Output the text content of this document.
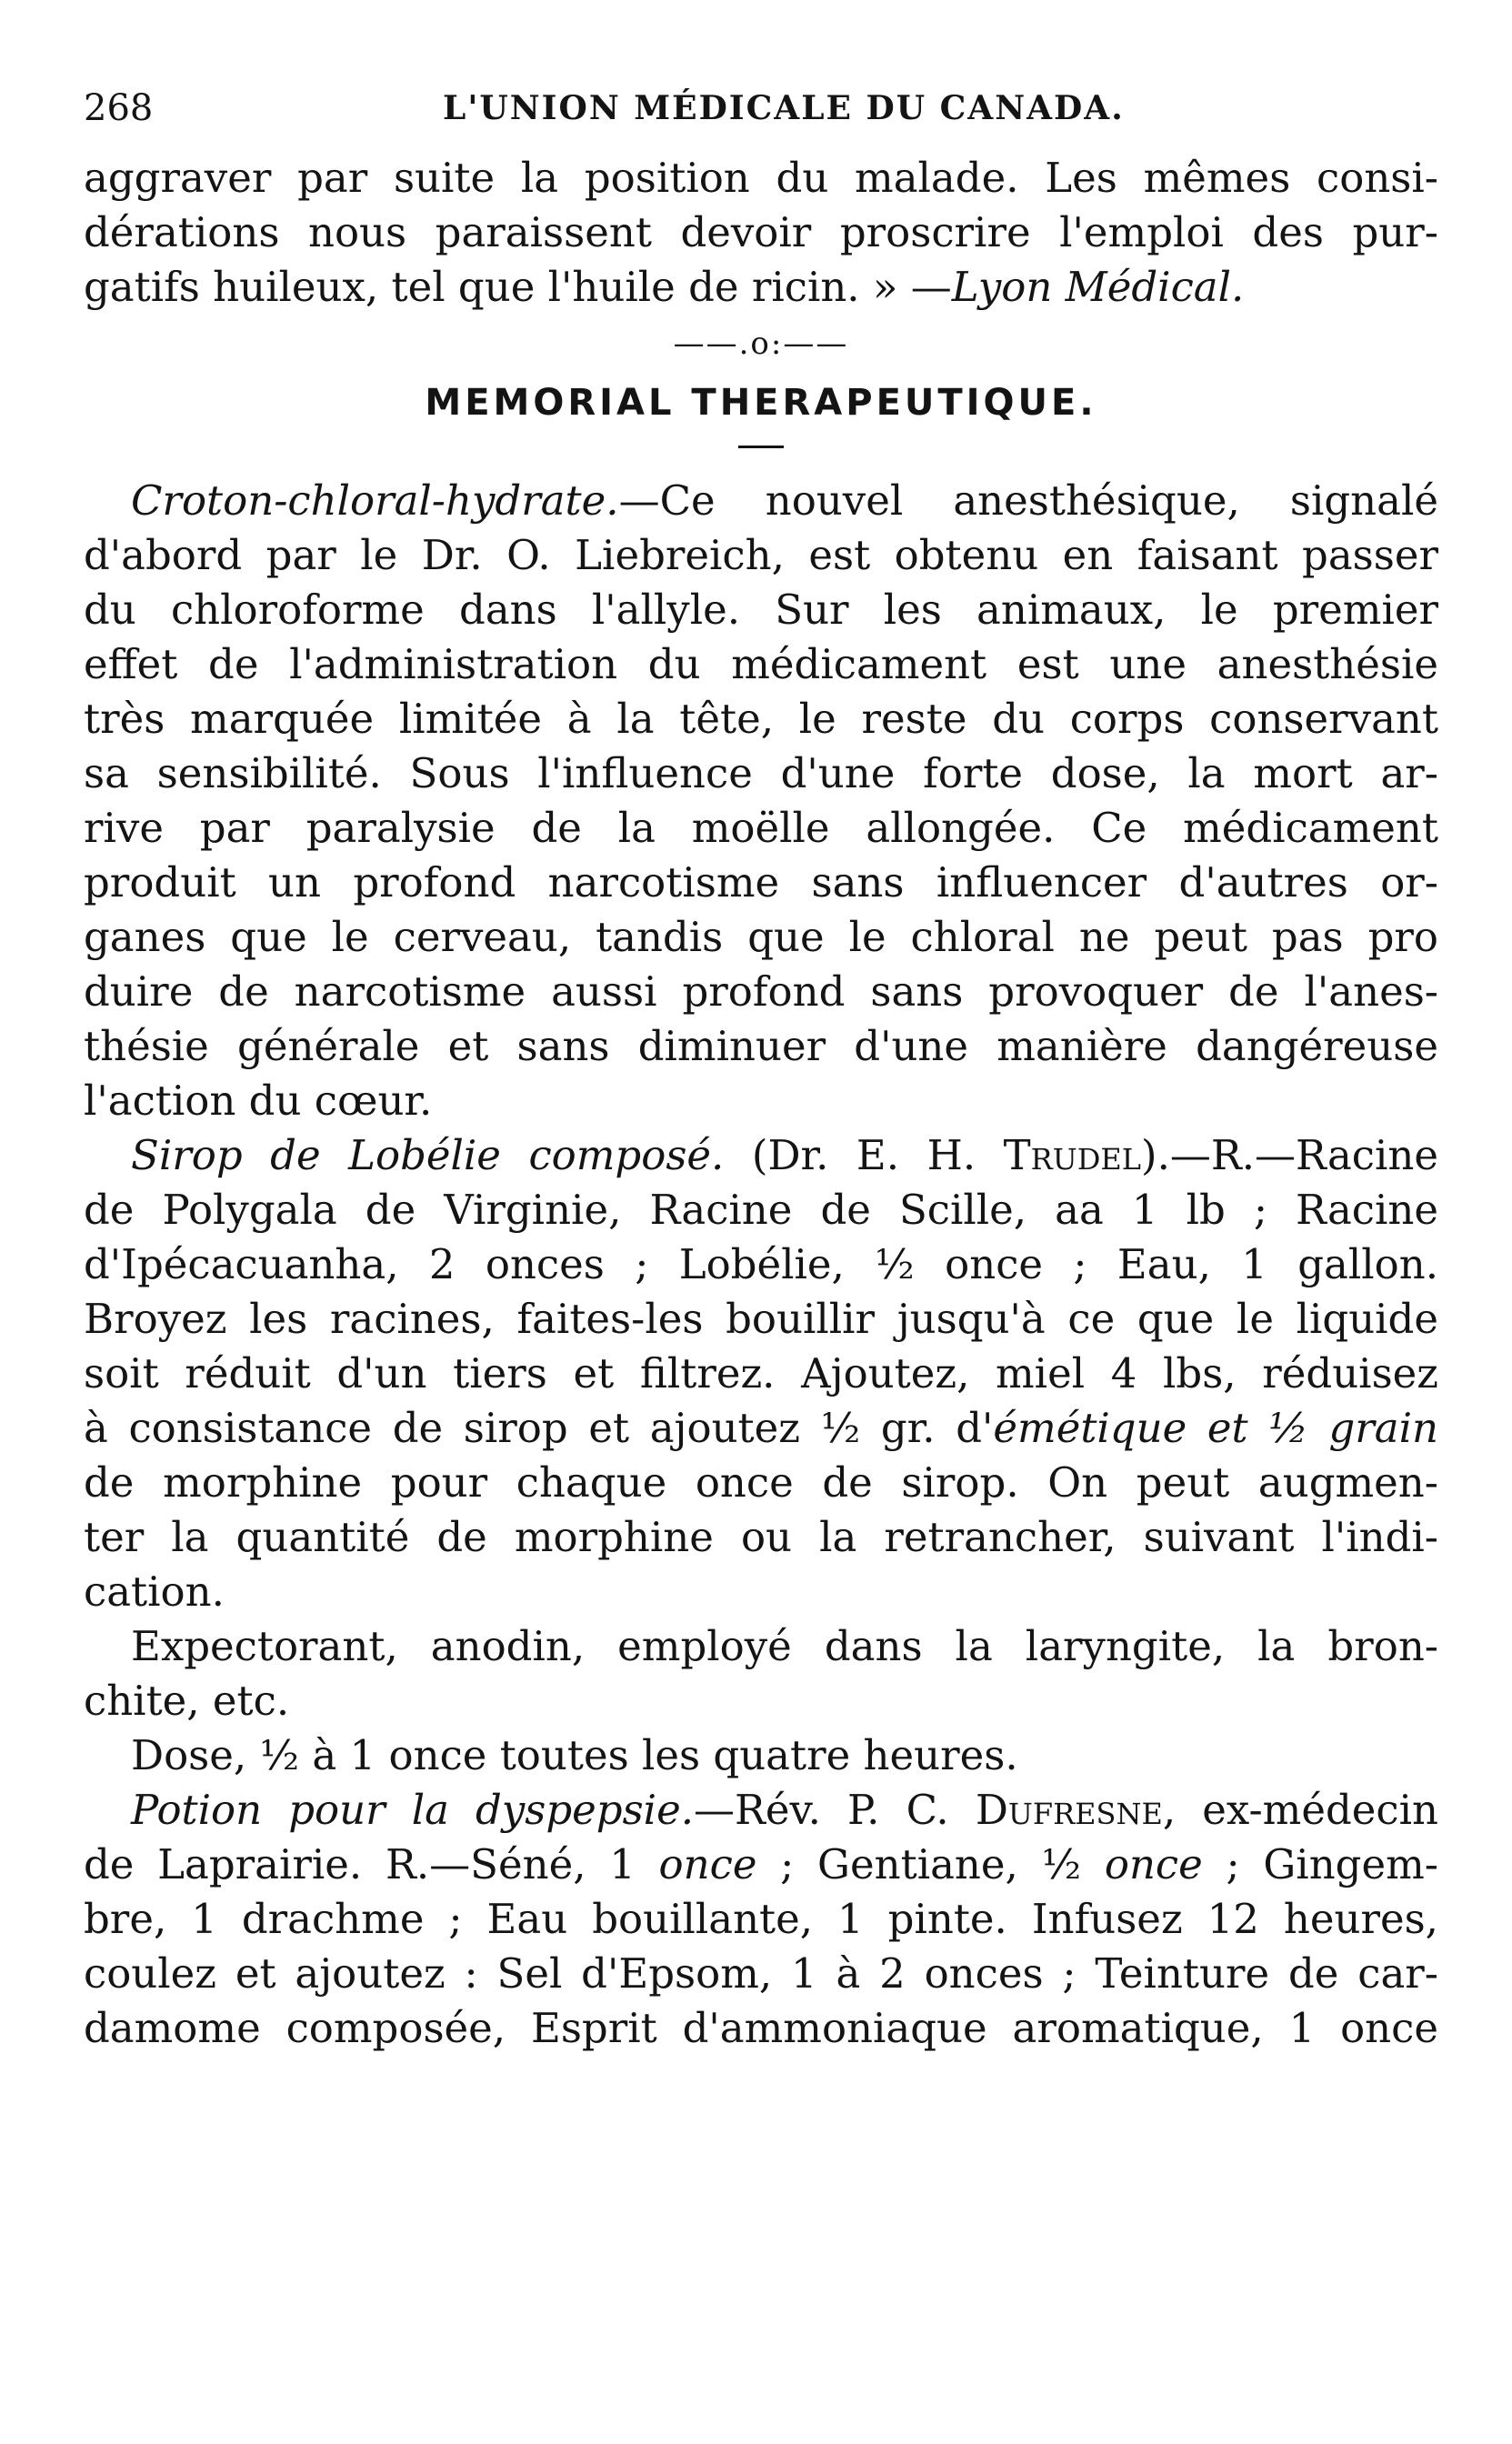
268	L'UNION MÉDICALE DU CANADA.
aggraver par suite la position du malade. Les mêmes consi-
dérations nous paraissent devoir proscrire l'emploi des pur-
gatifs huileux, tel que l'huile de ricin. » —Lyon Médical.
——.o:——
MEMORIAL THERAPEUTIQUE.
Croton-chloral-hydrate.—Ce nouvel anesthésique, signalé
d'abord par le Dr. O. Liebreich, est obtenu en faisant passer
du chloroforme dans l'allyle. Sur les animaux, le premier
effet de l'administration du médicament est une anesthésie
très marquée limitée à la tête, le reste du corps conservant
sa sensibilité. Sous l'influence d'une forte dose, la mort ar-
rive par paralysie de la moëlle allongée. Ce médicament
produit un profond narcotisme sans influencer d'autres or-
ganes que le cerveau, tandis que le chloral ne peut pas pro
duire de narcotisme aussi profond sans provoquer de l'anes-
thésie générale et sans diminuer d'une manière dangéreuse
l'action du cœur.
Sirop de Lobélie composé. (Dr. E. H. Trudel).—R.—Racine
de Polygala de Virginie, Racine de Scille, aa 1 lb ; Racine
d'Ipécacuanha, 2 onces ; Lobélie, ½ once ; Eau, 1 gallon.
Broyez les racines, faites-les bouillir jusqu'à ce que le liquide
soit réduit d'un tiers et filtrez. Ajoutez, miel 4 lbs, réduisez
à consistance de sirop et ajoutez ½ gr. d'émétique et ½ grain
de morphine pour chaque once de sirop. On peut augmen-
ter la quantité de morphine ou la retrancher, suivant l'indi-
cation.
Expectorant, anodin, employé dans la laryngite, la bron-
chite, etc.
Dose, ½ à 1 once toutes les quatre heures.
Potion pour la dyspepsie.—Rév. P. C. Dufresne, ex-médecin
de Laprairie. R.—Séné, 1 once ; Gentiane, ½ once ; Gingem-
bre, 1 drachme ; Eau bouillante, 1 pinte. Infusez 12 heures,
coulez et ajoutez : Sel d'Epsom, 1 à 2 onces ; Teinture de car-
damome composée, Esprit d'ammoniaque aromatique, 1 once
